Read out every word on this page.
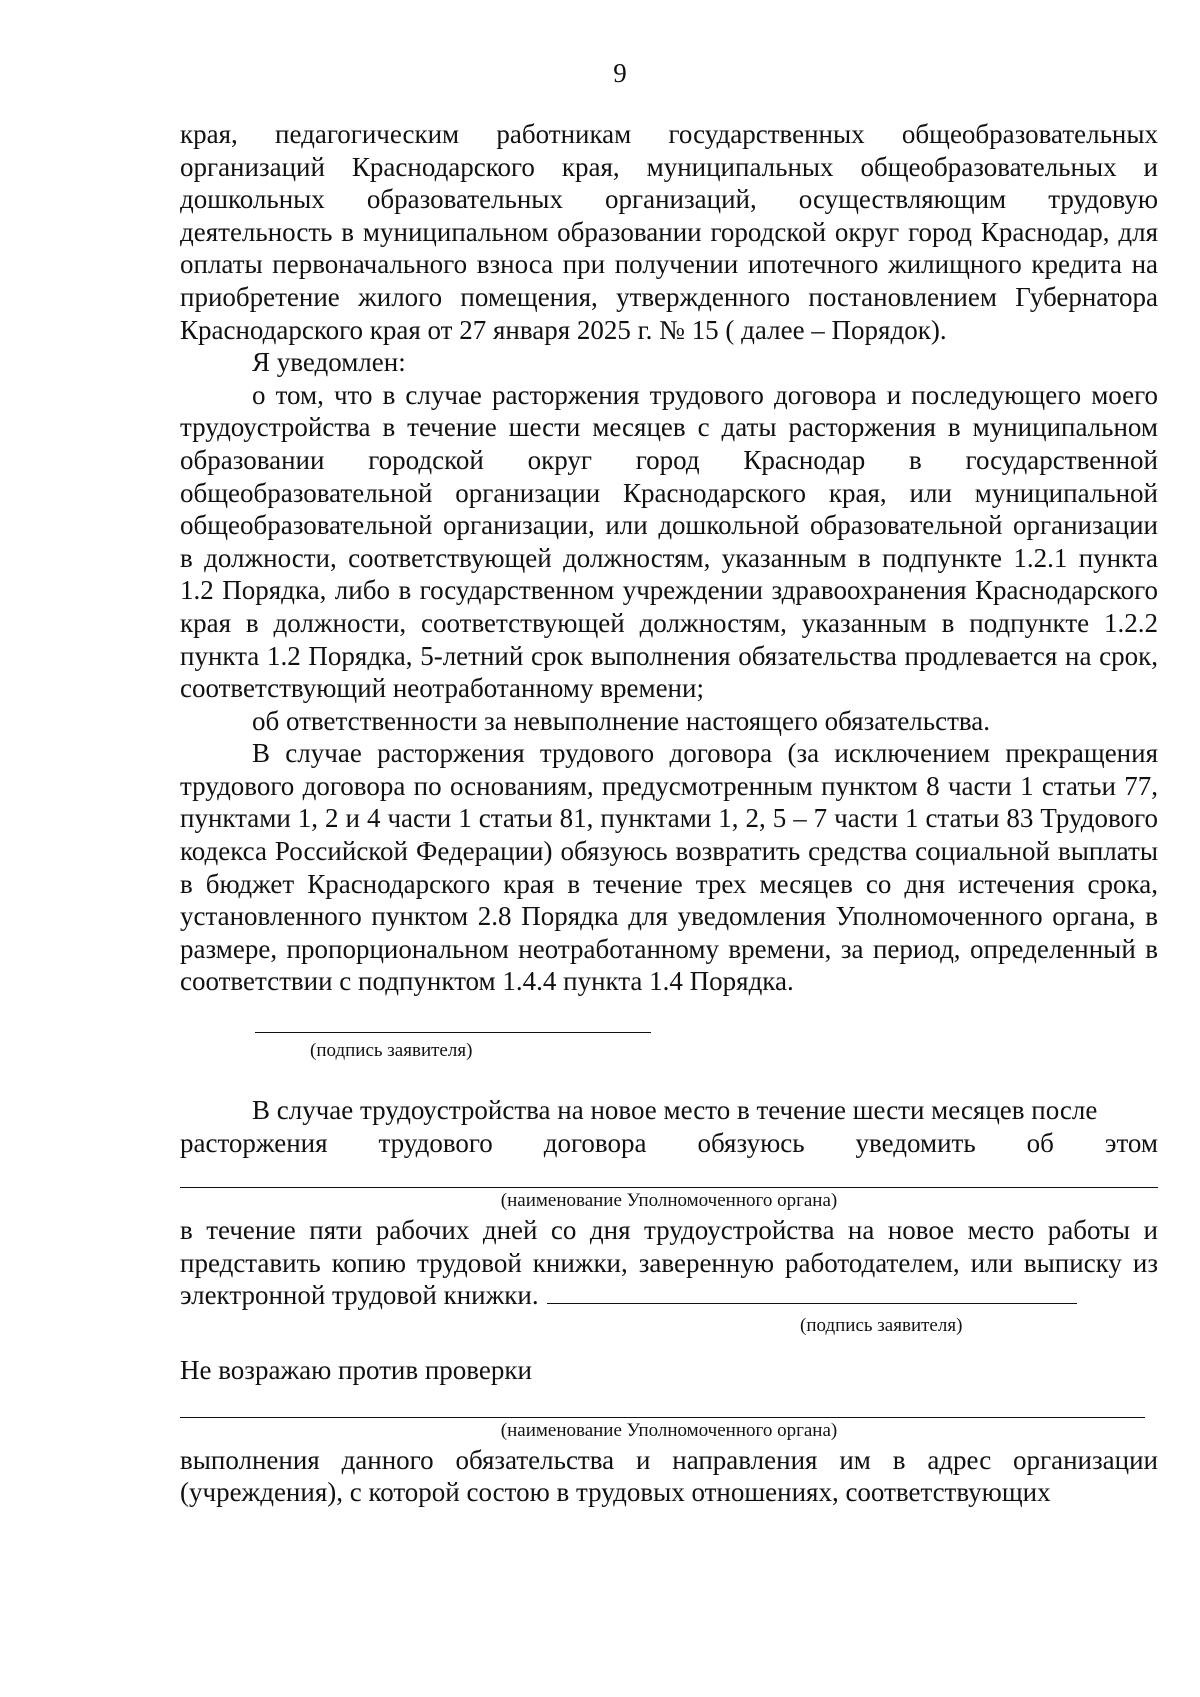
9

края, педагогическим работникам государственных общеобразовательных организаций Краснодарского края, муниципальных общеобразовательных и дошкольных образовательных организаций, осуществляющим трудовую деятельность в муниципальном образовании городской округ город Краснодар, для оплаты первоначального взноса при получении ипотечного жилищного кредита на приобретение жилого помещения, утвержденного постановлением Губернатора Краснодарского края от 27 января 2025 г. № 15 ( далее – Порядок).

Я уведомлен:

о том, что в случае расторжения трудового договора и последующего моего трудоустройства в течение шести месяцев с даты расторжения в муниципальном образовании городской округ город Краснодар в государственной общеобразовательной организации Краснодарского края, или муниципальной общеобразовательной организации, или дошкольной образовательной организации в должности, соответствующей должностям, указанным в подпункте 1.2.1 пункта 1.2 Порядка, либо в государственном учреждении здравоохранения Краснодарского края в должности, соответствующей должностям, указанным в подпункте 1.2.2 пункта 1.2 Порядка, 5-летний срок выполнения обязательства продлевается на срок, соответствующий неотработанному времени;

об ответственности за невыполнение настоящего обязательства.

В случае расторжения трудового договора (за исключением прекращения трудового договора по основаниям, предусмотренным пунктом 8 части 1 статьи 77, пунктами 1, 2 и 4 части 1 статьи 81, пунктами 1, 2, 5 – 7 части 1 статьи 83 Трудового кодекса Российской Федерации) обязуюсь возвратить средства социальной выплаты в бюджет Краснодарского края в течение трех месяцев со дня истечения срока, установленного пунктом 2.8 Порядка для уведомления Уполномоченного органа, в размере, пропорциональном неотработанному времени, за период, определенный в соответствии с подпунктом 1.4.4 пункта 1.4 Порядка.

(подпись заявителя)

В случае трудоустройства на новое место в течение шести месяцев после

расторжения трудового договора обязуюсь уведомить об этом
(наименование Уполномоченного органа)

в течение пяти рабочих дней со дня трудоустройства на новое место работы и представить копию трудовой книжки, заверенную работодателем, или выписку из электронной трудовой книжки.

(подпись заявителя)

Не возражаю против проверки

(наименование Уполномоченного органа)

выполнения данного обязательства и направления им в адрес организации (учреждения), с которой состою в трудовых отношениях, соответствующих
